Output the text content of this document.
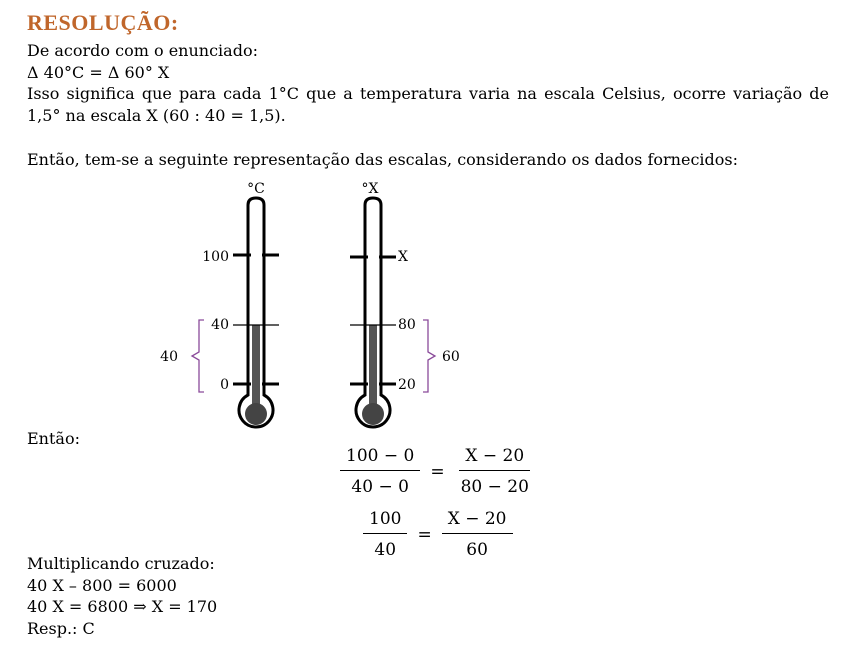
RESOLUÇÃO:
De acordo com o enunciado:
Δ 40°C = Δ 60° X
Isso significa que para cada 1°C que a temperatura varia na escala Celsius, ocorre variação de 1,5° na escala X (60 : 40 = 1,5).
Então, tem-se a seguinte representação das escalas, considerando os dados fornecidos:
°C
100
40
0
40
°X
X
80
20
60
Então:
$\frac{100 - 0}{40 - 0} = \frac{X - 20}{80 - 20}$
$\frac{100}{40} = \frac{X - 20}{60}$
Multiplicando cruzado:
40 X – 800 = 6000
40 X = 6800 ⇒ X = 170
Resp.: C
